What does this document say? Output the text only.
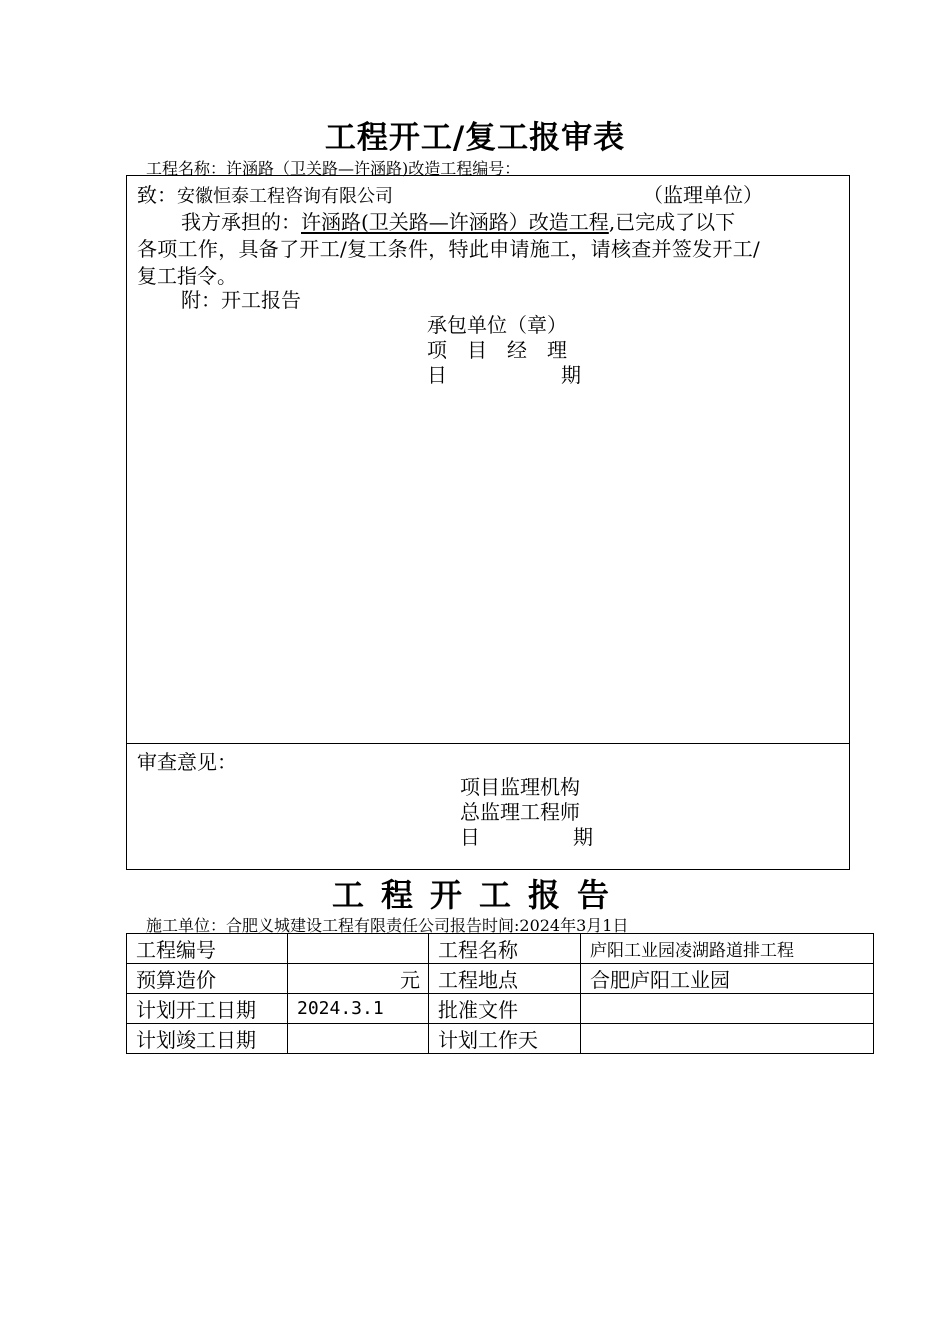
工程开工/复工报审表
工程名称：许涵路（卫关路—许涵路)改造工程编号：
致：安徽恒泰工程咨询有限公司	（监理单位）
我方承担的：许涵路(卫关路—许涵路）改造工程,已完成了以下
各项工作，具备了开工/复工条件，特此申请施工，请核查并签发开工/
复工指令。
附：开工报告
承包单位（章）
项　目　经　理
日	期
审查意见：
项目监理机构
总监理工程师
日	期
工程开工报告
施工单位：合肥义城建设工程有限责任公司报告时间:2024年3月1日
工程编号		工程名称	庐阳工业园凌湖路道排工程
预算造价	元	工程地点	合肥庐阳工业园
计划开工日期	2024.3.1	批准文件	
计划竣工日期		计划工作天	
